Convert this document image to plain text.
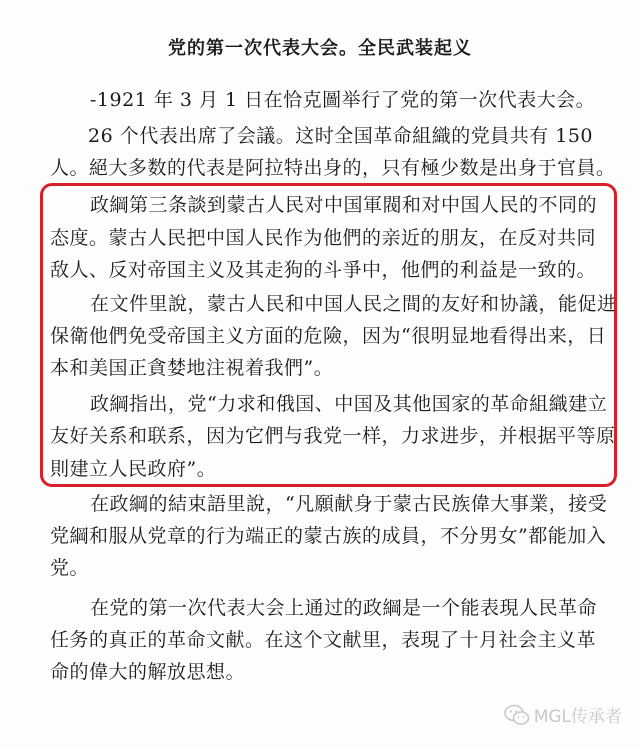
党的第一次代表大会。全民武装起义
-1921 年 3 月 1 日在恰克圖举行了党的第一次代表大会。
26 个代表出席了会議。这时全国革命組織的党員共有 150
人。絕大多数的代表是阿拉特出身的，只有極少数是出身于官員。
政綱第三条談到蒙古人民对中国軍閥和对中国人民的不同的
态度。蒙古人民把中国人民作为他們的亲近的朋友，在反对共同
敌人、反对帝国主义及其走狗的斗爭中，他們的利益是一致的。
在文件里說，蒙古人民和中国人民之間的友好和协議，能促进
保衛他們免受帝国主义方面的危險，因为“很明显地看得出来，日
本和美国正貪婪地注視着我們”。
政綱指出，党“力求和俄国、中国及其他国家的革命組織建立
友好关系和联系，因为它們与我党一样，力求进步，并根据平等原
則建立人民政府”。
在政綱的結束語里說，“凡願献身于蒙古民族偉大事業，接受
党綱和服从党章的行为端正的蒙古族的成員，不分男女”都能加入
党。
在党的第一次代表大会上通过的政綱是一个能表現人民革命
任务的真正的革命文献。在这个文献里，表現了十月社会主义革
命的偉大的解放思想。
MGL传承者
